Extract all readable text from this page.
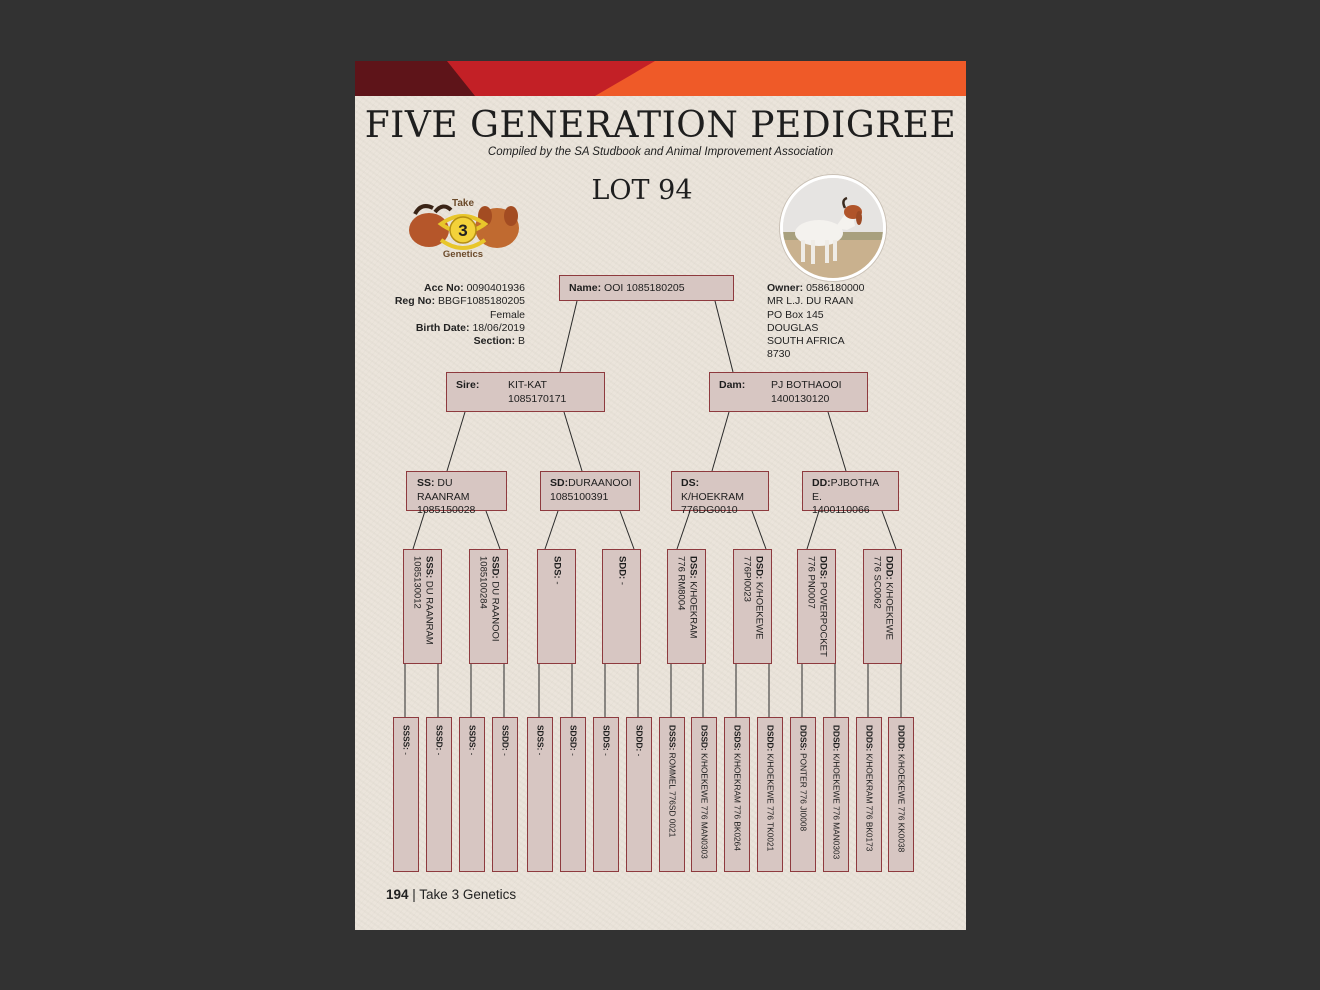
FIVE GENERATION PEDIGREE
Compiled by the SA Studbook and Animal Improvement Association
LOT 94
Take
3
Genetics
Acc No: 0090401936
Reg No: BBGF1085180205
Female
Birth Date: 18/06/2019
Section: B
Owner: 0586180000
MR L.J. DU RAAN
PO Box 145
DOUGLAS
SOUTH AFRICA
8730
Name: OOI 1085180205
Sire:	KIT-KAT
1085170171
Dam: PJ BOTHAOOI
1400130120
SS: DU RAANRAM
1085150028
SD:DURAANOOI
1085100391
DS: K/HOEKRAM
776DG0010
DD:PJBOTHA E.
1400110066
SSS: DU RAANRAM
1085130012	SSD: DU RAANOOI
1085100284	SDS: -
SDD: -
DSS: K/HOEKRAM
776 RM8004	DSD: K/HOEKEWE
776PI0023	DDS: POWERPOCKET
776 PN0007	DDD: K/HOEKEWE
776 SC0062
SSSS: -
SSSD: -
SSDS: -
SSDD: -
SDSS: -
SDSD: -
SDDS: -
SDDD: -
DSSS: ROMMEL 776SD 0021
DSSD: K/HOEKEWE 776 MAN0303
DSDS: K/HOEKRAM 776 BK0264
DSDD: K/HOEKEWE 776 TK0021
DDSS: PONTER 776 JI0008
DDSD: K/HOEKEWE 776 MAN0303
DDDS: K/HOEKRAM 776 BK0173
DDDD: K/HOEKEWE 776 KK0038
194 | Take 3 Genetics
